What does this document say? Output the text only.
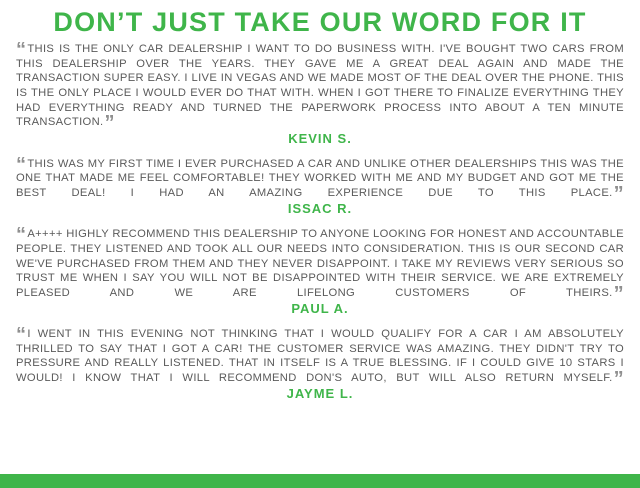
DON’T JUST TAKE OUR WORD FOR IT

“THIS IS THE ONLY CAR DEALERSHIP I WANT TO DO BUSINESS WITH. I'VE BOUGHT TWO CARS FROM THIS DEALERSHIP OVER THE YEARS. THEY GAVE ME A GREAT DEAL AGAIN AND MADE THE TRANSACTION SUPER EASY. I LIVE IN VEGAS AND WE MADE MOST OF THE DEAL OVER THE PHONE. THIS IS THE ONLY PLACE I WOULD EVER DO THAT WITH. WHEN I GOT THERE TO FINALIZE EVERYTHING THEY HAD EVERYTHING READY AND TURNED THE PAPERWORK PROCESS INTO ABOUT A TEN MINUTE TRANSACTION.”

KEVIN S.

“THIS WAS MY FIRST TIME I EVER PURCHASED A CAR AND UNLIKE OTHER DEALERSHIPS THIS WAS THE ONE THAT MADE ME FEEL COMFORTABLE! THEY WORKED WITH ME AND MY BUDGET AND GOT ME THE BEST DEAL! I HAD AN AMAZING EXPERIENCE DUE TO THIS PLACE.”

ISSAC R.

“A++++ HIGHLY RECOMMEND THIS DEALERSHIP TO ANYONE LOOKING FOR HONEST AND ACCOUNTABLE PEOPLE. THEY LISTENED AND TOOK ALL OUR NEEDS INTO CONSIDERATION. THIS IS OUR SECOND CAR WE'VE PURCHASED FROM THEM AND THEY NEVER DISAPPOINT. I TAKE MY REVIEWS VERY SERIOUS SO TRUST ME WHEN I SAY YOU WILL NOT BE DISAPPOINTED WITH THEIR SERVICE. WE ARE EXTREMELY PLEASED AND WE ARE LIFELONG CUSTOMERS OF THEIRS.”

PAUL A.

“I WENT IN THIS EVENING NOT THINKING THAT I WOULD QUALIFY FOR A CAR I AM ABSOLUTELY THRILLED TO SAY THAT I GOT A CAR! THE CUSTOMER SERVICE WAS AMAZING. THEY DIDN'T TRY TO PRESSURE AND REALLY LISTENED. THAT IN ITSELF IS A TRUE BLESSING. IF I COULD GIVE 10 STARS I WOULD! I KNOW THAT I WILL RECOMMEND DON'S AUTO, BUT WILL ALSO RETURN MYSELF.”

JAYME L.
